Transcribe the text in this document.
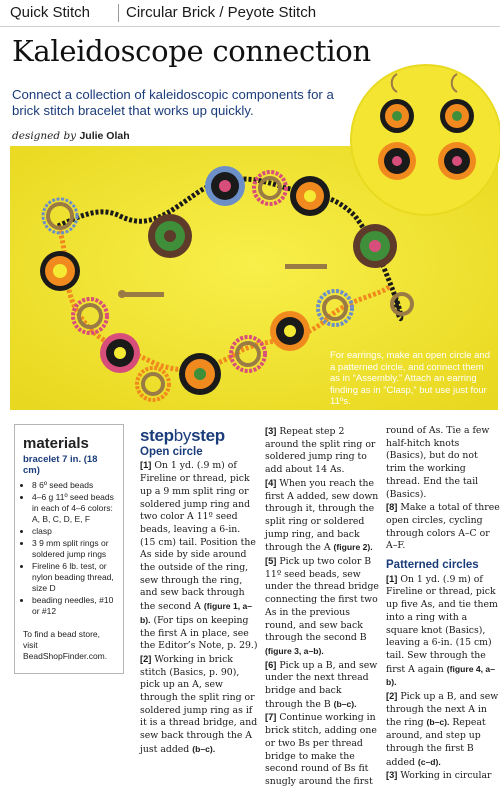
Quick Stitch Circular Brick / Peyote Stitch
Kaleidoscope connection
Connect a collection of kaleidoscopic components for a brick stitch bracelet that works up quickly.
designed by Julie Olah
For earrings, make an open circle and a patterned circle, and connect them as in “Assembly.” Attach an earring finding as in “Clasp,” but use just four 11ºs.
materials
bracelet 7 in. (18 cm)
• 8 6º seed beads
• 4–6 g 11º seed beads in each of 4–6 colors: A, B, C, D, E, F
• clasp
• 3 9 mm split rings or soldered jump rings
• Fireline 6 lb. test, or nylon beading thread, size D
• beading needles, #10 or #12
To find a bead store, visit BeadShopFinder.com.
stepbystep
Open circle

[1] On 1 yd. (.9 m) of Fireline or thread, pick up a 9 mm split ring or soldered jump ring and two color A 11º seed beads, leaving a 6-in. (15 cm) tail. Position the As side by side around the outside of the ring, sew through the ring, and sew back through the second A (figure 1, a–b). (For tips on keeping the first A in place, see the Editor’s Note, p. 29.)

[2] Working in brick stitch (Basics, p. 90), pick up an A, sew through the split ring or soldered jump ring as if it is a thread bridge, and sew back through the A just added (b–c).

[3] Repeat step 2 around the split ring or soldered jump ring to add about 14 As.

[4] When you reach the first A added, sew down through it, through the split ring or soldered jump ring, and back through the A (figure 2).

[5] Pick up two color B 11º seed beads, sew under the thread bridge connecting the first two As in the previous round, and sew back through the second B (figure 3, a–b).

[6] Pick up a B, and sew under the next thread bridge and back through the B (b–c).

[7] Continue working in brick stitch, adding one or two Bs per thread bridge to make the second round of Bs fit snugly around the first

round of As. Tie a few half-hitch knots (Basics), but do not trim the working thread. End the tail (Basics).

[8] Make a total of three open circles, cycling through colors A–C or A–F.

Patterned circles

[1] On 1 yd. (.9 m) of Fireline or thread, pick up five As, and tie them into a ring with a square knot (Basics), leaving a 6-in. (15 cm) tail. Sew through the first A again (figure 4, a–b).

[2] Pick up a B, and sew through the next A in the ring (b–c). Repeat around, and step up through the first B added (c–d).

[3] Working in circular
